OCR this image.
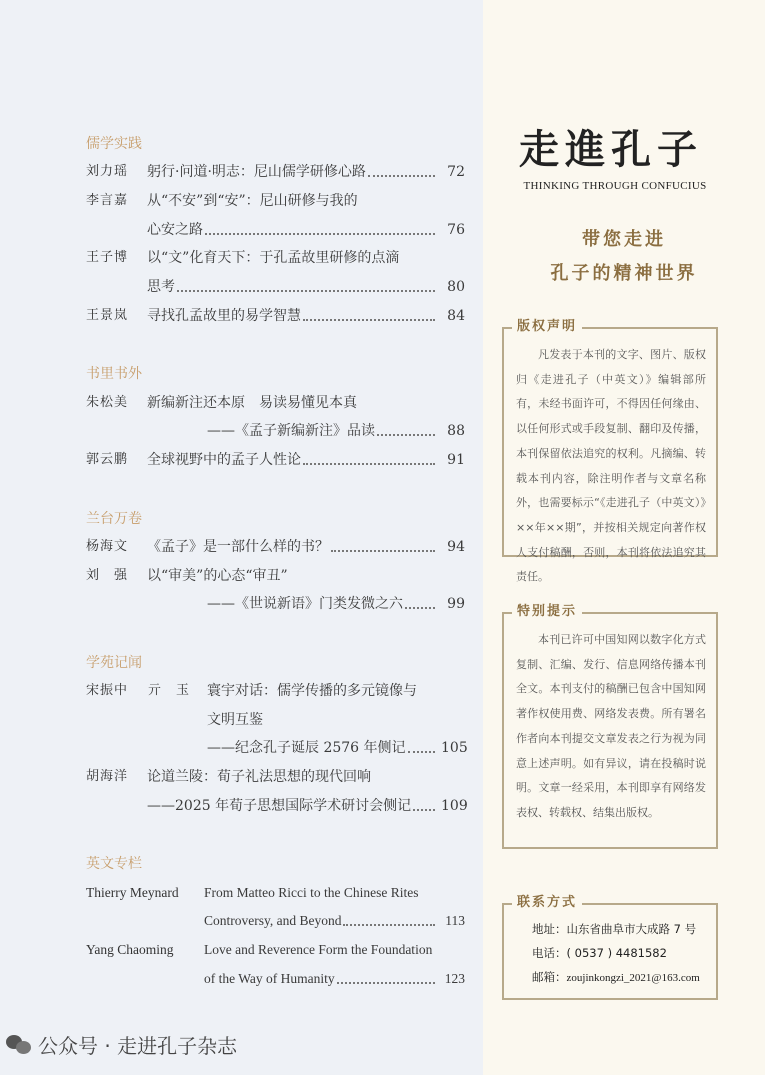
儒学实践
刘力瑶 躬行·问道·明志：尼山儒学研修心路	72
李言嘉 从“不安”到“安”：尼山研修与我的
心安之路	76
王子博 以“文”化育天下：于孔孟故里研修的点滴
思考	80
王景岚 寻找孔孟故里的易学智慧	84
书里书外
朱松美 新编新注还本原　易读易懂见本真
——《孟子新编新注》品读	88
郭云鹏 全球视野中的孟子人性论	91
兰台万卷
杨海文 《孟子》是一部什么样的书？	94
刘　强 以“审美”的心态“审丑”
——《世说新语》门类发微之六	99
学苑记闻
宋振中 亓　玉 寰宇对话：儒学传播的多元镜像与
文明互鉴
——纪念孔子诞辰 2576 年侧记	105
胡海洋 论道兰陵：荀子礼法思想的现代回响
——2025 年荀子思想国际学术研讨会侧记 109
英文专栏
Thierry Meynard From Matteo Ricci to the Chinese Rites
Controversy, and Beyond	113
Yang Chaoming Love and Reverence Form the Foundation
of the Way of Humanity	123
走進孔子
THINKING THROUGH CONFUCIUS
带您走进
孔子的精神世界
版权声明
凡发表于本刊的文字、图片、版权归《走进孔子（中英文）》编辑部所有，未经书面许可，不得因任何缘由、以任何形式或手段复制、翻印及传播，本刊保留依法追究的权利。凡摘编、转载本刊内容，除注明作者与文章名称外，也需要标示“《走进孔子（中英文）》××年××期”，并按相关规定向著作权人支付稿酬，否则，本刊将依法追究其责任。
特别提示
本刊已许可中国知网以数字化方式复制、汇编、发行、信息网络传播本刊全文。本刊支付的稿酬已包含中国知网著作权使用费、网络发表费。所有署名作者向本刊提交文章发表之行为视为同意上述声明。如有异议，请在投稿时说明。文章一经采用，本刊即享有网络发表权、转载权、结集出版权。
联系方式
地址：山东省曲阜市大成路 7 号
电话：( 0537 ) 4481582
邮箱：zoujinkongzi_2021@163.com
公众号 · 走进孔子杂志
